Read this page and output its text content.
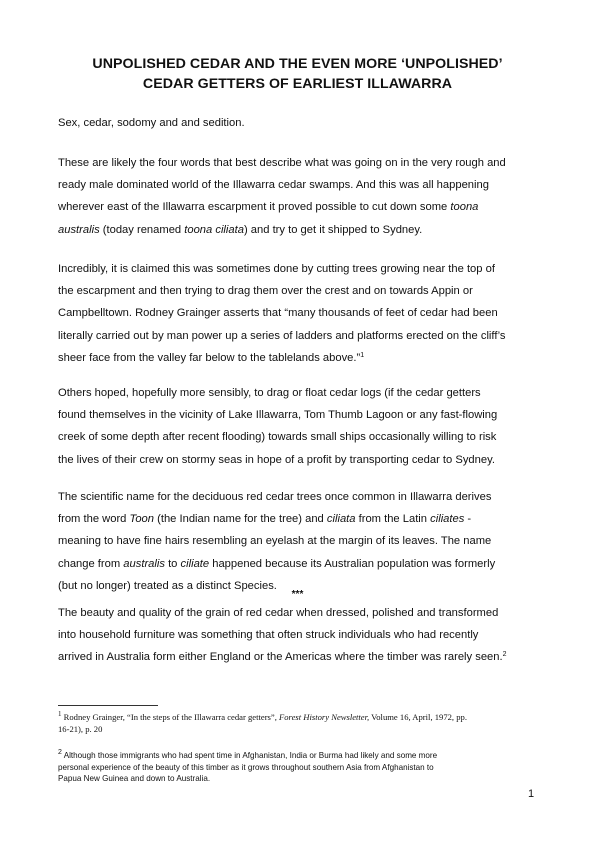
UNPOLISHED CEDAR AND THE EVEN MORE ‘UNPOLISHED’
CEDAR GETTERS OF EARLIEST ILLAWARRA

Sex, cedar, sodomy and and sedition.

These are likely the four words that best describe what was going on in the very rough and
ready male dominated world of the Illawarra cedar swamps. And this was all happening
wherever east of the Illawarra escarpment it proved possible to cut down some toona
australis (today renamed toona ciliata) and try to get it shipped to Sydney.

Incredibly, it is claimed this was sometimes done by cutting trees growing near the top of
the escarpment and then trying to drag them over the crest and on towards Appin or
Campbelltown. Rodney Grainger asserts that “many thousands of feet of cedar had been
literally carried out by man power up a series of ladders and platforms erected on the cliff’s
sheer face from the valley far below to the tablelands above.”$^1$

Others hoped, hopefully more sensibly, to drag or float cedar logs (if the cedar getters
found themselves in the vicinity of Lake Illawarra, Tom Thumb Lagoon or any fast-flowing
creek of some depth after recent flooding) towards small ships occasionally willing to risk
the lives of their crew on stormy seas in hope of a profit by transporting cedar to Sydney.

The scientific name for the deciduous red cedar trees once common in Illawarra derives
from the word Toon (the Indian name for the tree) and ciliata from the Latin ciliates -
meaning to have fine hairs resembling an eyelash at the margin of its leaves. The name
change from australis to ciliate happened because its Australian population was formerly
(but no longer) treated as a distinct Species.

***

The beauty and quality of the grain of red cedar when dressed, polished and transformed
into household furniture was something that often struck individuals who had recently
arrived in Australia form either England or the Americas where the timber was rarely seen.$^2$

$^1$ Rodney Grainger, “In the steps of the Illawarra cedar getters”, Forest History Newsletter, Volume 16, April, 1972, pp.
16-21), p. 20
$^2$ Although those immigrants who had spent time in Afghanistan, India or Burma had likely and some more
personal experience of the beauty of this timber as it grows throughout southern Asia from Afghanistan to
Papua New Guinea and down to Australia.
1
